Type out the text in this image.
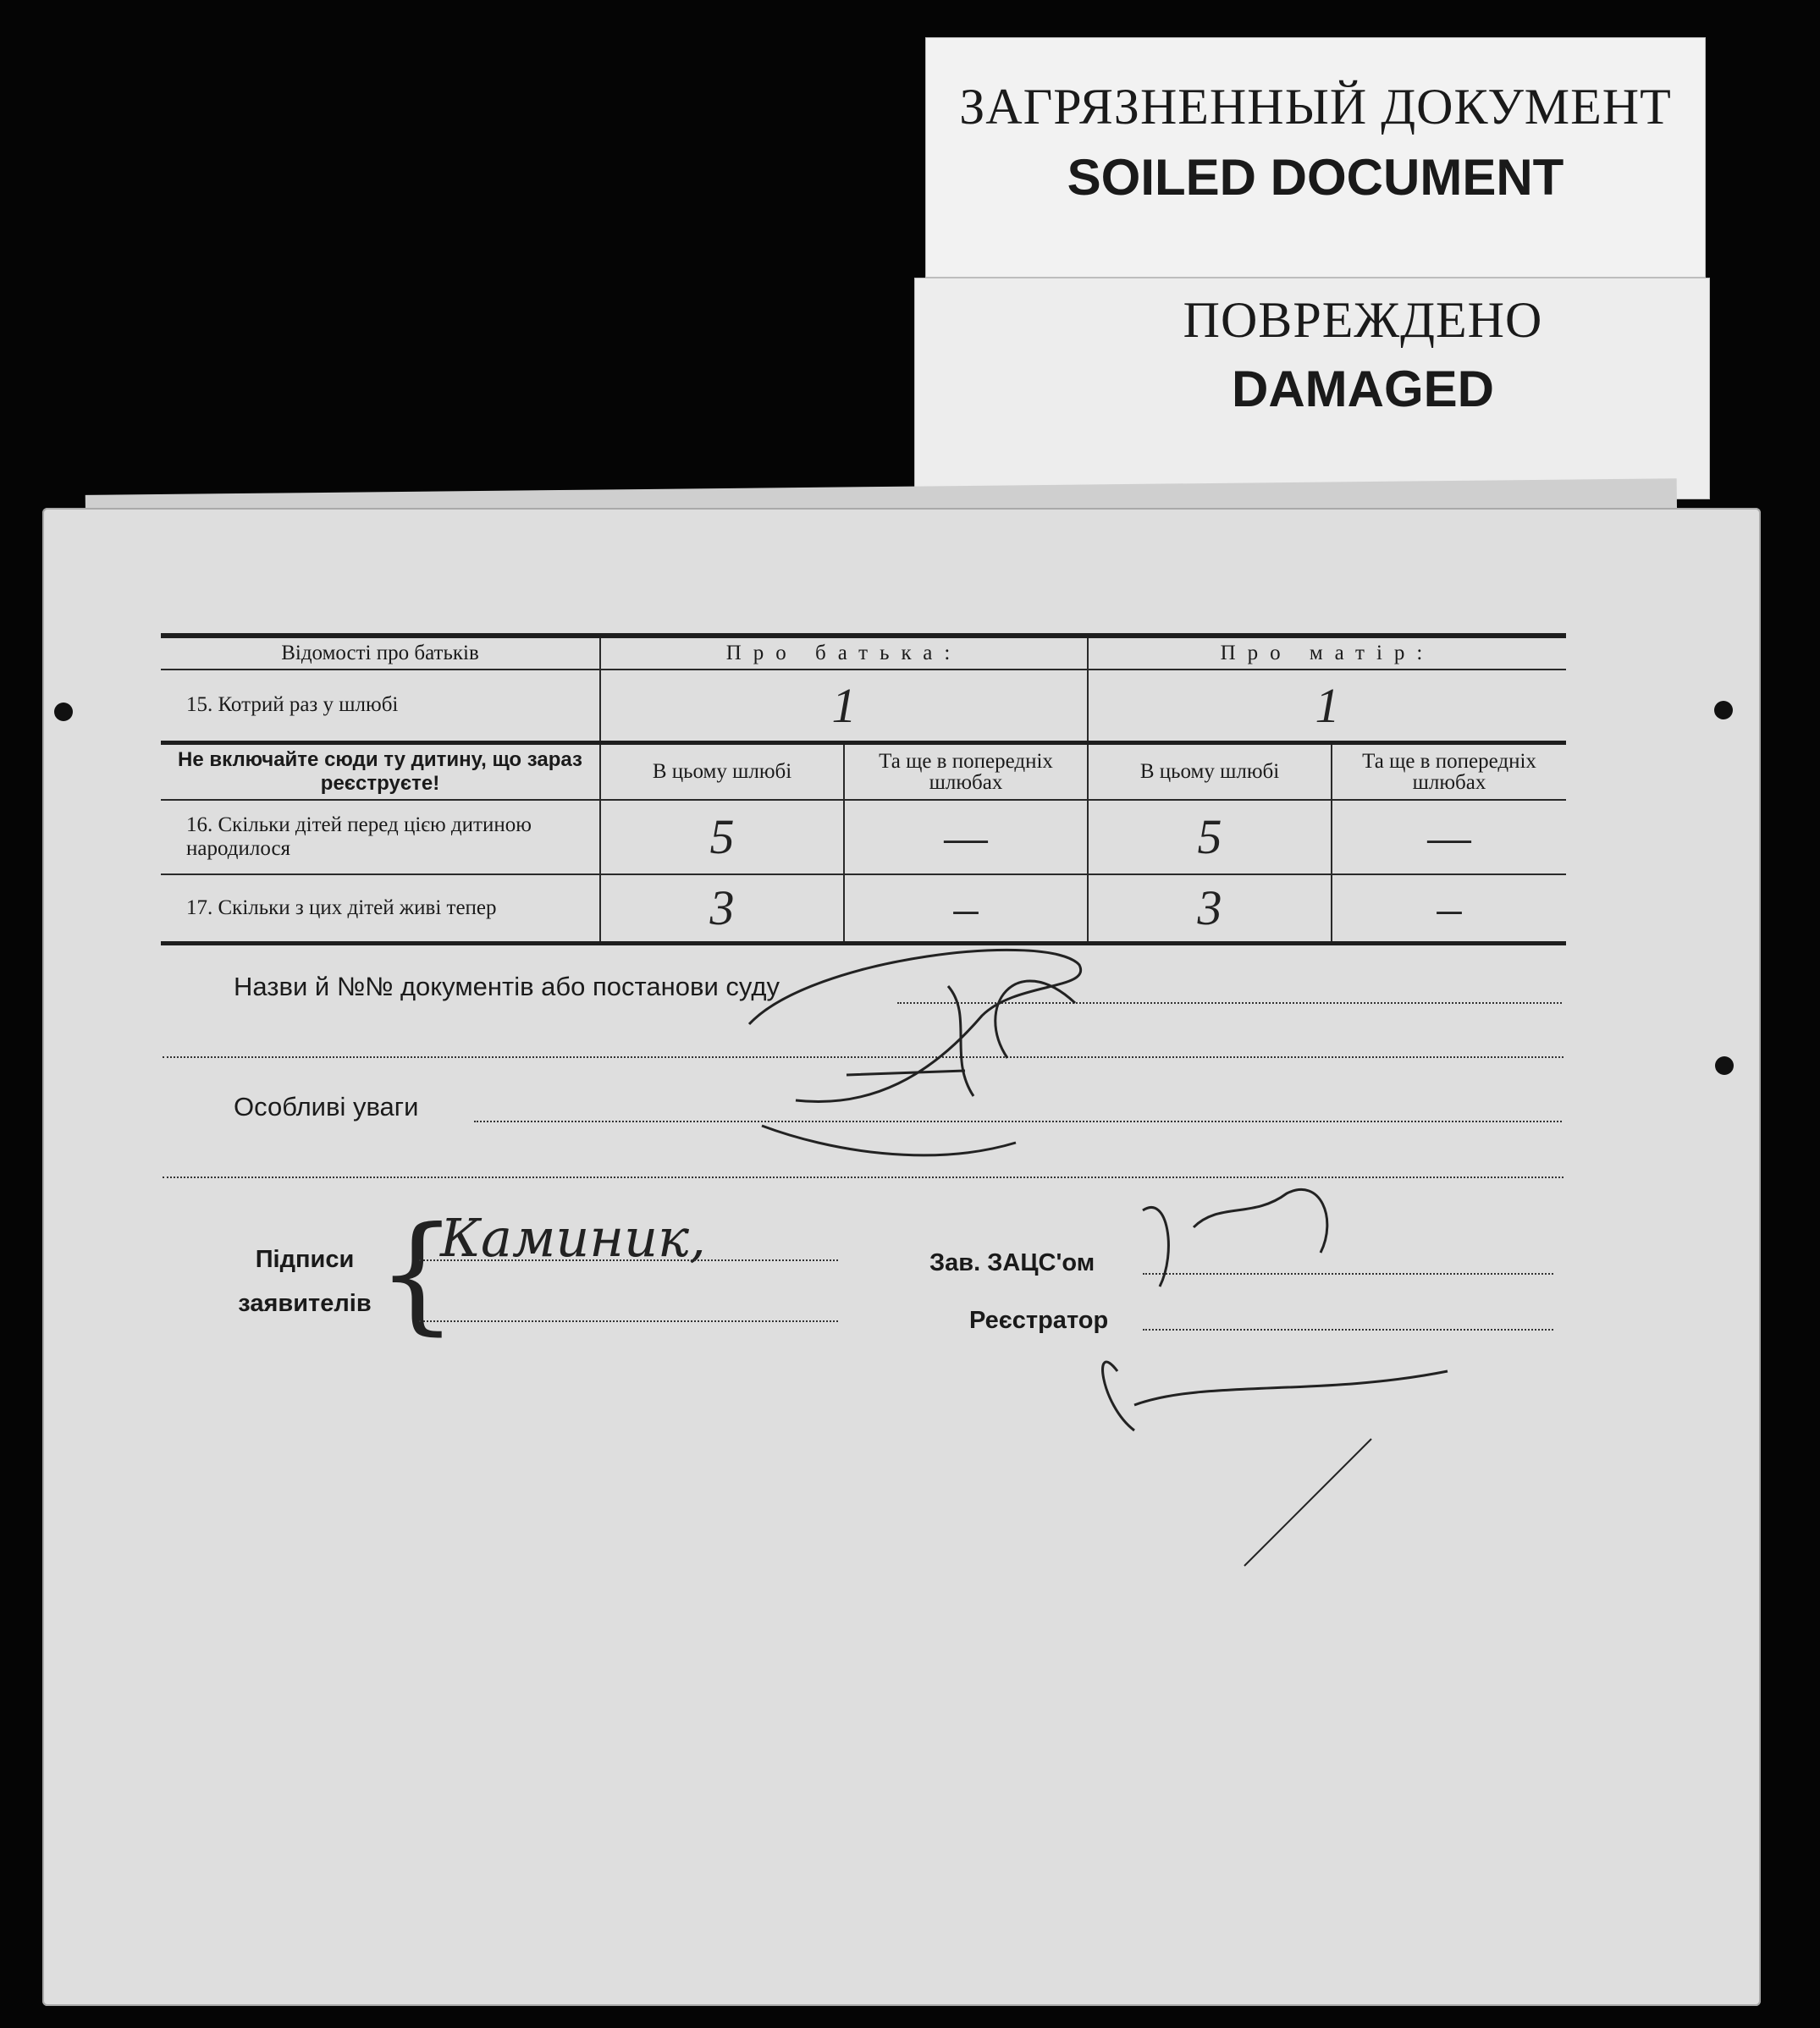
ЗАГРЯЗНЕННЫЙ ДОКУМЕНТ
SOILED DOCUMENT
ПОВРЕЖДЕНО
DAMAGED
Відомості про батьків	Про батька:		Про матір:	
15. Котрий раз у шлюбі	1		1	
Не включайте сюди ту дитину, що зараз реєструєте!	В цьому шлюбі	Та ще в попередніх шлюбах	В цьому шлюбі	Та ще в попередніх шлюбах
16. Скільки дітей перед цією дитиною народилося	5	—	5	—
17. Скільки з цих дітей живі тепер	3	–	3	–
Назви й №№ документів або постанови суду
Особливі уваги
Підписи заявителів {
Каминик,	Зав. ЗАЦС'ом
Реєстратор
